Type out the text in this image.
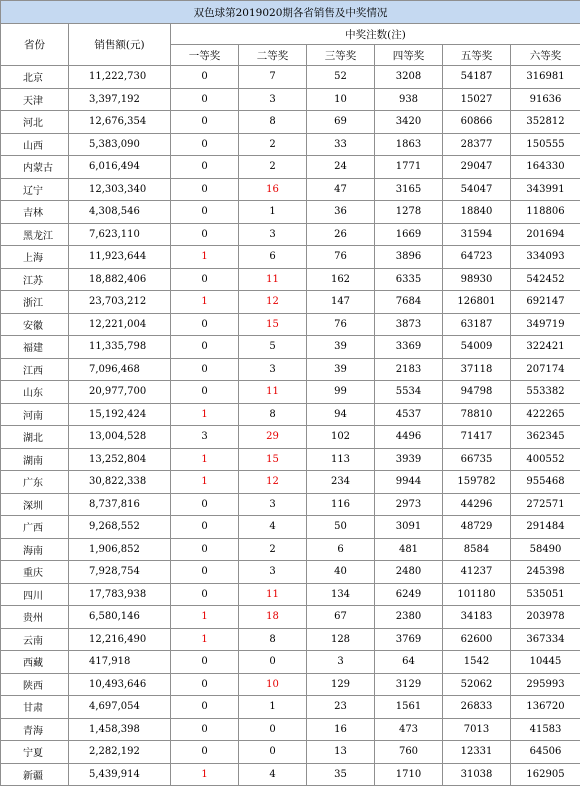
双色球第2019020期各省销售及中奖情况							
省份	销售额(元)	中奖注数(注)					
		一等奖	二等奖	三等奖	四等奖	五等奖	六等奖
北京	11,222,730	0	7	52	3208	54187	316981
天津	3,397,192	0	3	10	938	15027	91636
河北	12,676,354	0	8	69	3420	60866	352812
山西	5,383,090	0	2	33	1863	28377	150555
内蒙古	6,016,494	0	2	24	1771	29047	164330
辽宁	12,303,340	0	16	47	3165	54047	343991
吉林	4,308,546	0	1	36	1278	18840	118806
黑龙江	7,623,110	0	3	26	1669	31594	201694
上海	11,923,644	1	6	76	3896	64723	334093
江苏	18,882,406	0	11	162	6335	98930	542452
浙江	23,703,212	1	12	147	7684	126801	692147
安徽	12,221,004	0	15	76	3873	63187	349719
福建	11,335,798	0	5	39	3369	54009	322421
江西	7,096,468	0	3	39	2183	37118	207174
山东	20,977,700	0	11	99	5534	94798	553382
河南	15,192,424	1	8	94	4537	78810	422265
湖北	13,004,528	3	29	102	4496	71417	362345
湖南	13,252,804	1	15	113	3939	66735	400552
广东	30,822,338	1	12	234	9944	159782	955468
深圳	8,737,816	0	3	116	2973	44296	272571
广西	9,268,552	0	4	50	3091	48729	291484
海南	1,906,852	0	2	6	481	8584	58490
重庆	7,928,754	0	3	40	2480	41237	245398
四川	17,783,938	0	11	134	6249	101180	535051
贵州	6,580,146	1	18	67	2380	34183	203978
云南	12,216,490	1	8	128	3769	62600	367334
西藏	417,918	0	0	3	64	1542	10445
陕西	10,493,646	0	10	129	3129	52062	295993
甘肃	4,697,054	0	1	23	1561	26833	136720
青海	1,458,398	0	0	16	473	7013	41583
宁夏	2,282,192	0	0	13	760	12331	64506
新疆	5,439,914	1	4	35	1710	31038	162905
